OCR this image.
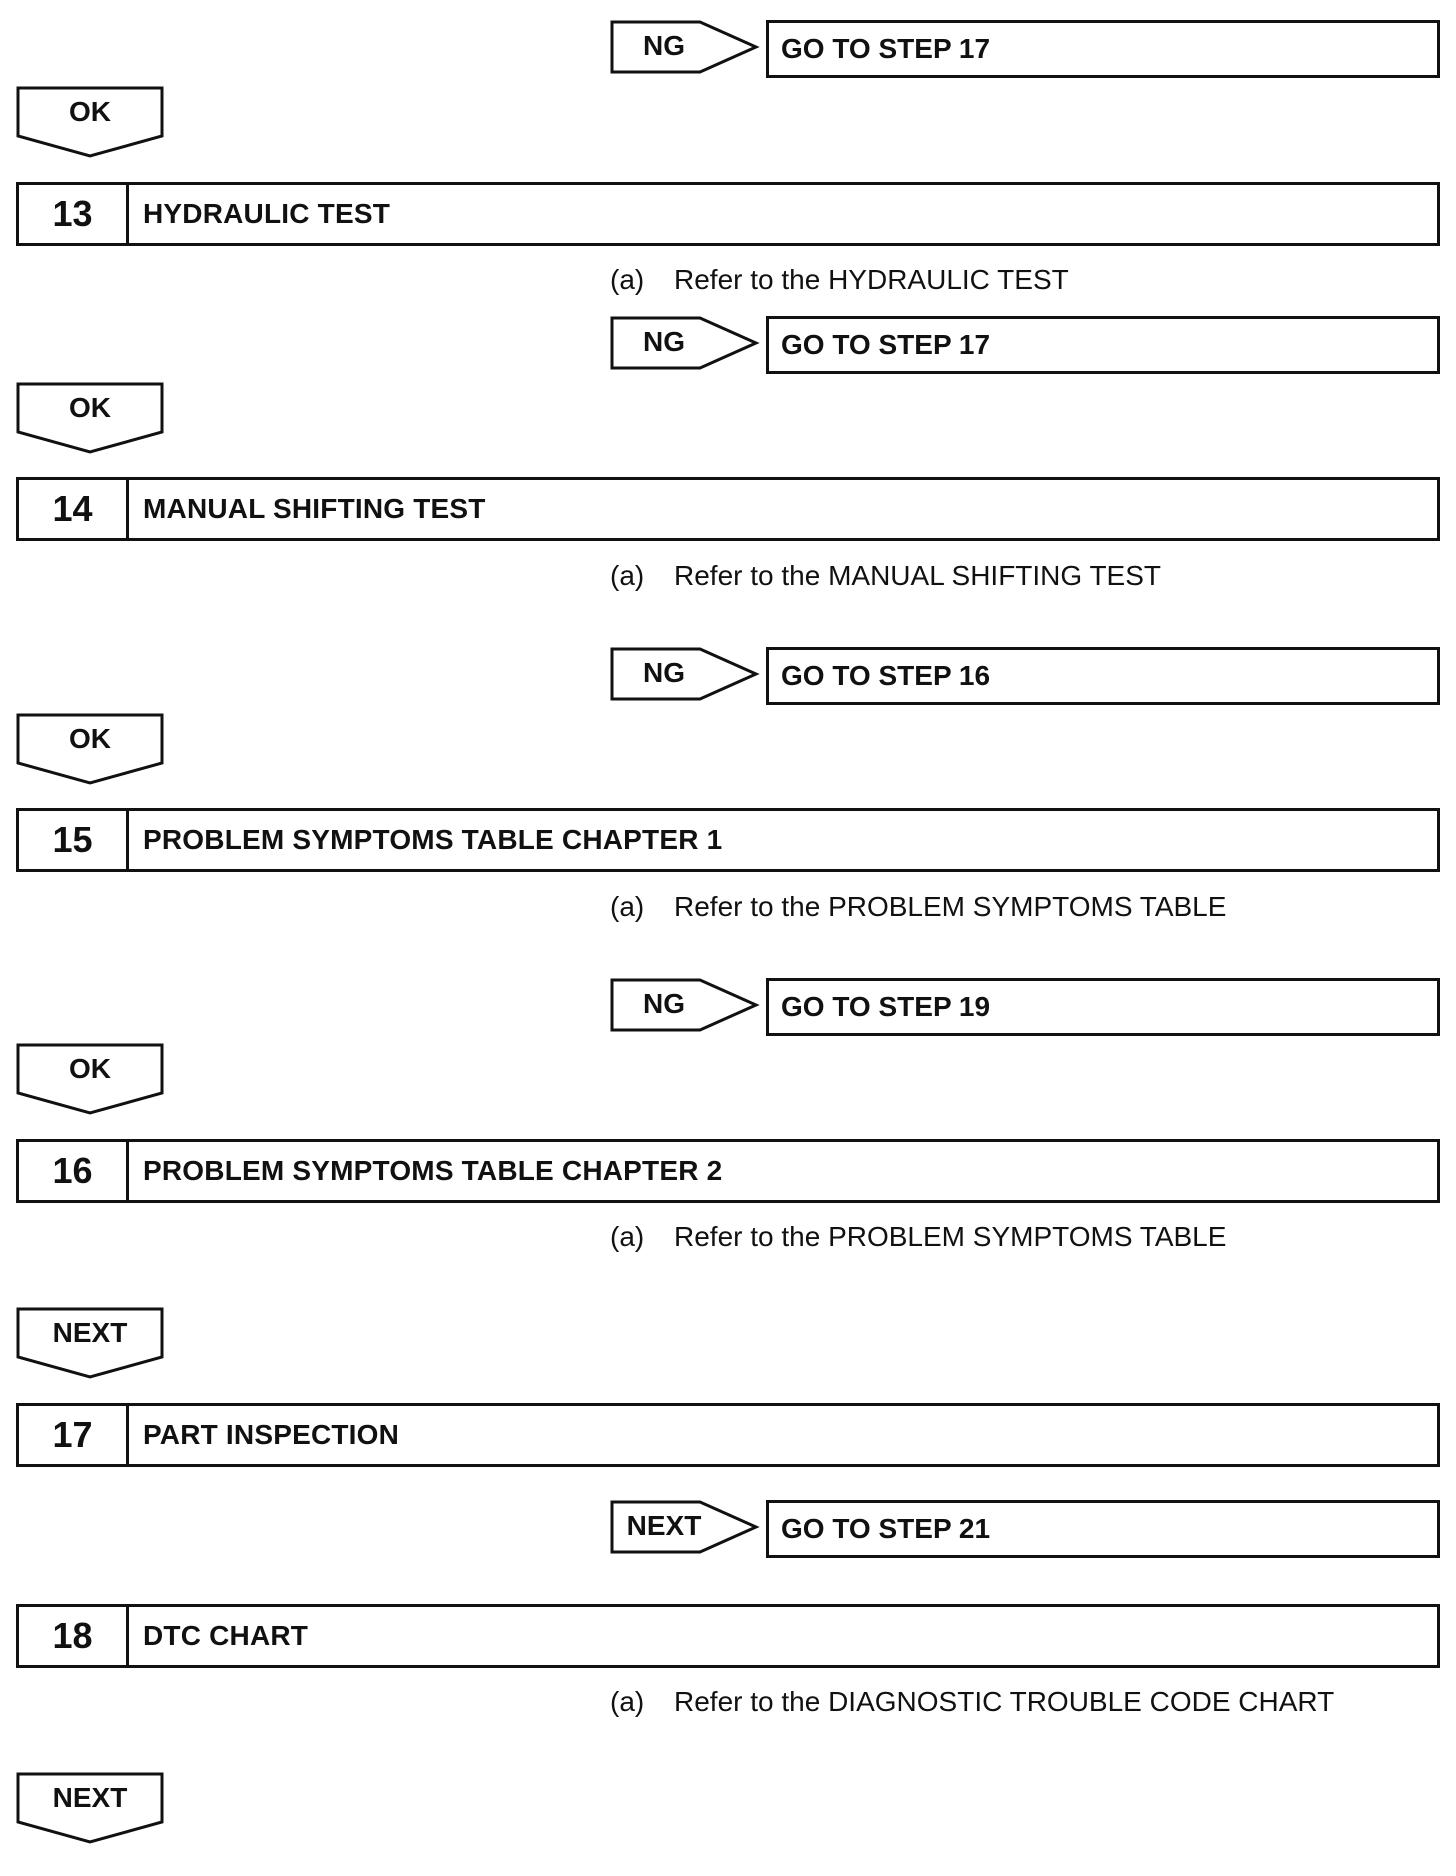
NG	GO TO STEP 17
OK
13	HYDRAULIC TEST
(a) Refer to the HYDRAULIC TEST
NG	GO TO STEP 17
OK
14	MANUAL SHIFTING TEST
(a) Refer to the MANUAL SHIFTING TEST
NG	GO TO STEP 16
OK
15	PROBLEM SYMPTOMS TABLE CHAPTER 1
(a) Refer to the PROBLEM SYMPTOMS TABLE
NG	GO TO STEP 19
OK
16	PROBLEM SYMPTOMS TABLE CHAPTER 2
(a) Refer to the PROBLEM SYMPTOMS TABLE
NEXT
17	PART INSPECTION
NEXT	GO TO STEP 21
18	DTC CHART
(a) Refer to the DIAGNOSTIC TROUBLE CODE CHART
NEXT
